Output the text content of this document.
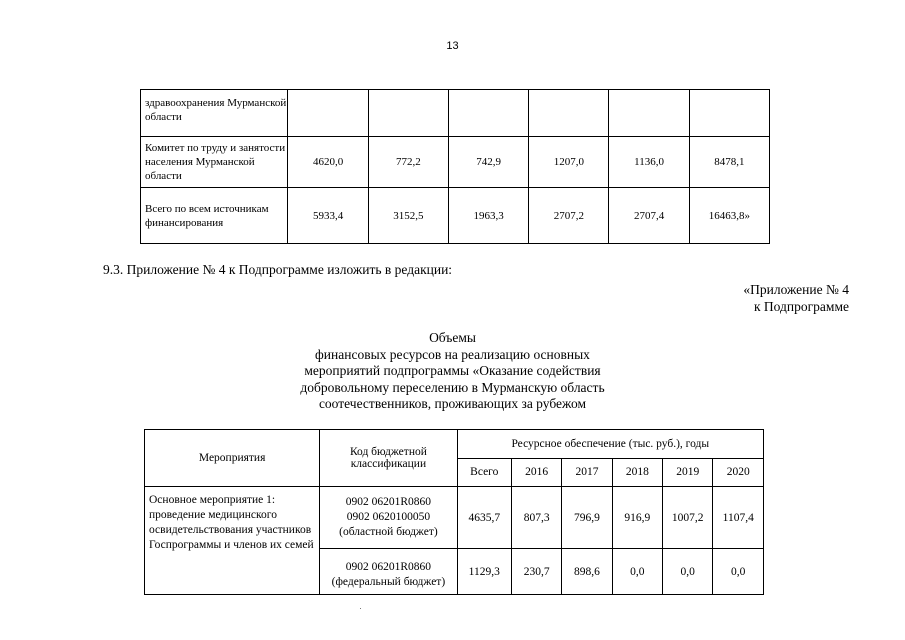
13
здравоохранения Мурманской области						
Комитет по труду и занятости населения Мурманской области	4620,0	772,2	742,9	1207,0	1136,0	8478,1
Всего по всем источникам финансирования	5933,4	3152,5	1963,3	2707,2	2707,4	16463,8»
9.3. Приложение № 4 к Подпрограмме изложить в редакции:
«Приложение № 4
к Подпрограмме
Объемы
финансовых ресурсов на реализацию основных
мероприятий подпрограммы «Оказание содействия
добровольному переселению в Мурманскую область
соотечественников, проживающих за рубежом
Мероприятия	Код бюджетной классификации	Ресурсное обеспечение (тыс. руб.), годы					
		Всего	2016	2017	2018	2019	2020
Основное мероприятие 1: проведение медицинского освидетельствования участников Госпрограммы и членов их семей	0902 06201R0860
0902 0620100050
(областной бюджет)	4635,7	807,3	796,9	916,9	1007,2	1107,4

	0902 06201R0860
(федеральный бюджет)	1129,3	230,7	898,6	0,0	0,0	0,0
